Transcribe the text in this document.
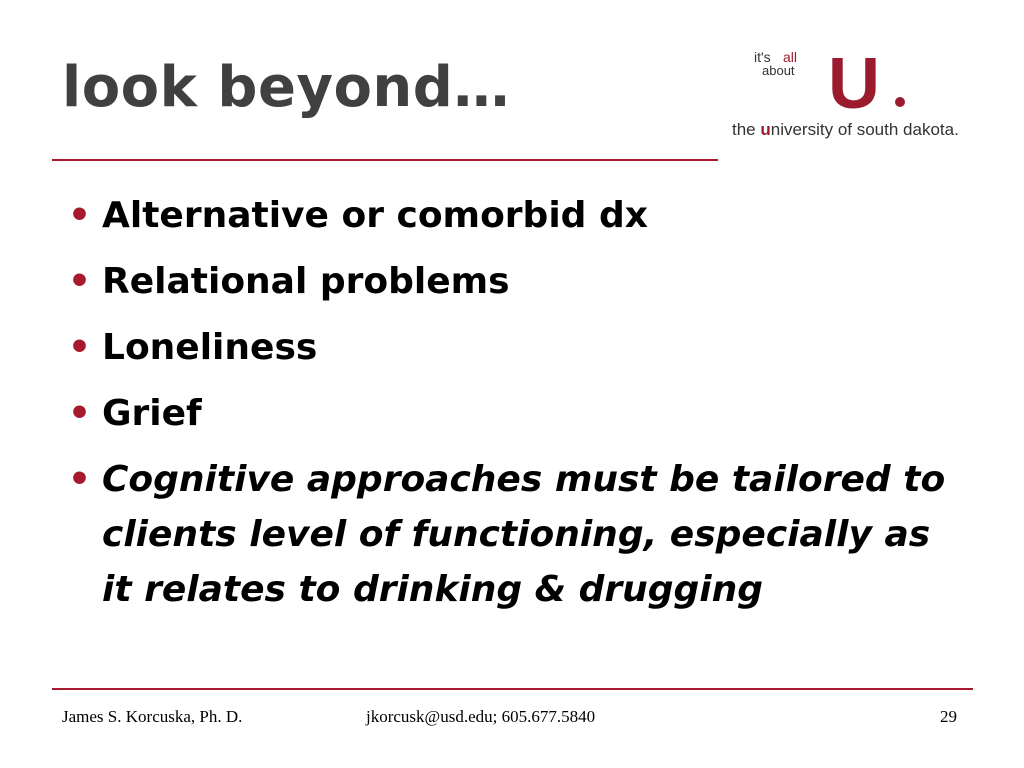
look beyond…	it's all
about U
the university of south dakota.
• Alternative or comorbid dx
• Relational problems
• Loneliness
• Grief
• Cognitive approaches must be tailored to clients level of functioning, especially as it relates to drinking & drugging
James S. Korcuska, Ph. D.	jkorcusk@usd.edu; 605.677.5840	29
